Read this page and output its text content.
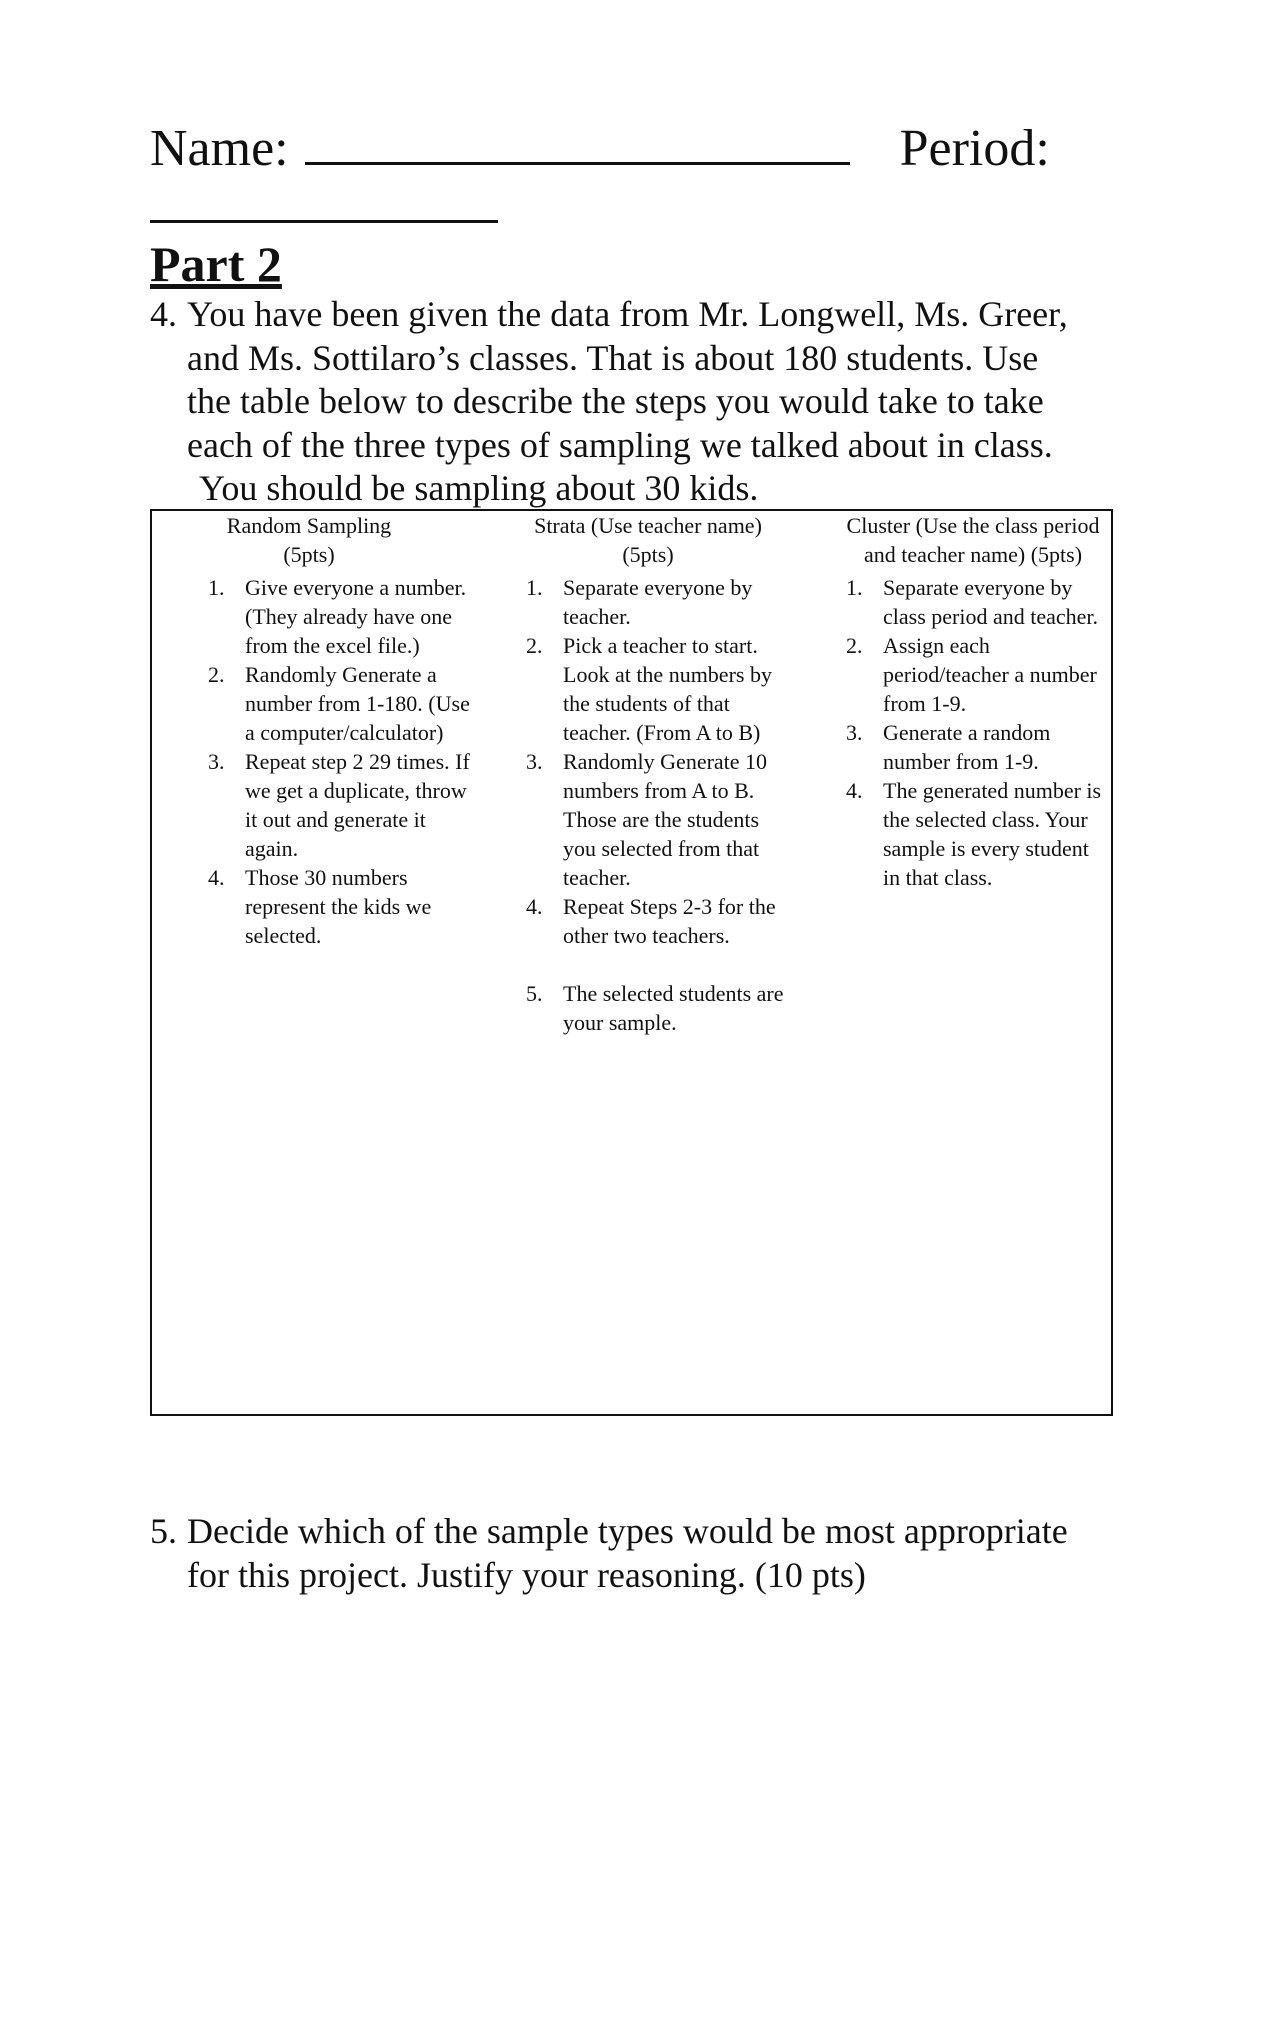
Name:	Period:
Part 2
4. You have been given the data from Mr. Longwell, Ms. Greer,
and Ms. Sottilaro’s classes. That is about 180 students. Use
the table below to describe the steps you would take to take
each of the three types of sampling we talked about in class.
You should be sampling about 30 kids.
Random Sampling
(5pts)
1. Give everyone a number. (They already have one from the excel file.)
2. Randomly Generate a number from 1-180. (Use a computer/calculator)
3. Repeat step 2 29 times. If we get a duplicate, throw it out and generate it again.
4. Those 30 numbers represent the kids we selected.
Strata (Use teacher name)
(5pts)
1. Separate everyone by teacher.
2. Pick a teacher to start. Look at the numbers by the students of that teacher. (From A to B)
3. Randomly Generate 10 numbers from A to B. Those are the students you selected from that teacher.
4. Repeat Steps 2-3 for the other two teachers.
5. The selected students are your sample.
Cluster (Use the class period
and teacher name) (5pts)
1. Separate everyone by class period and teacher.
2. Assign each period/teacher a number from 1-9.
3. Generate a random number from 1-9.
4. The generated number is the selected class. Your sample is every student in that class.
5. Decide which of the sample types would be most appropriate
for this project. Justify your reasoning. (10 pts)
